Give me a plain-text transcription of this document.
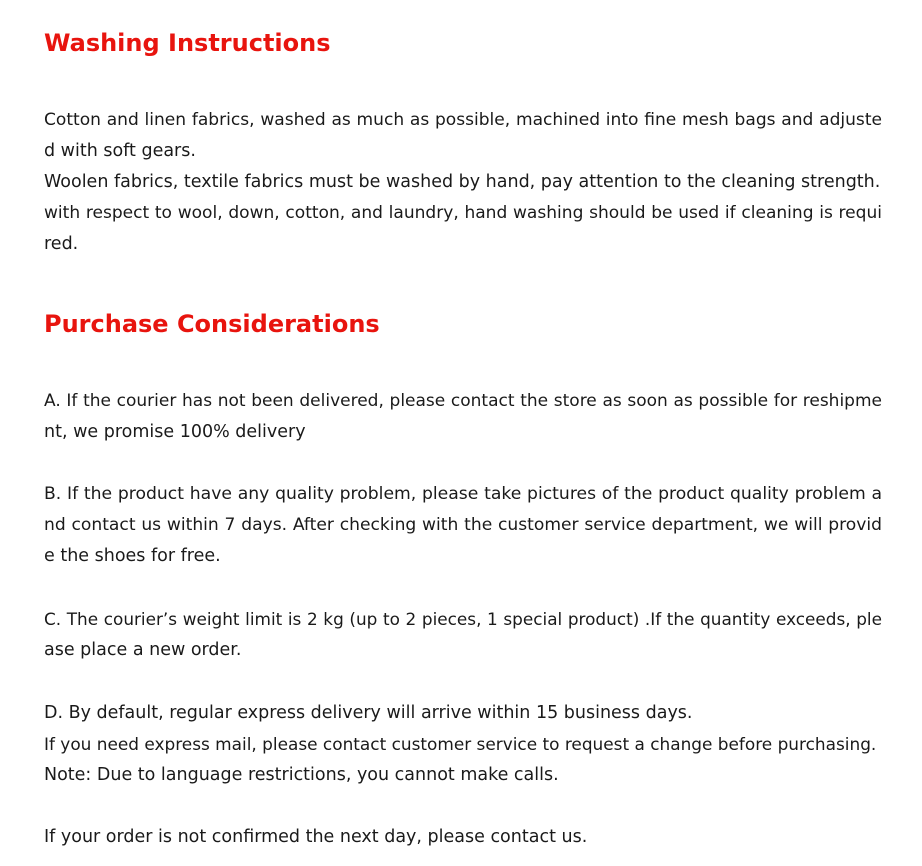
Washing Instructions
Cotton and linen fabrics, washed as much as possible, machined into fine mesh bags and adjuste
d with soft gears.
Woolen fabrics, textile fabrics must be washed by hand, pay attention to the cleaning strength.
with respect to wool, down, cotton, and laundry, hand washing should be used if cleaning is requi
red.
Purchase Considerations
A. If the courier has not been delivered, please contact the store as soon as possible for reshipme
nt, we promise 100% delivery
B. If the product have any quality problem, please take pictures of the product quality problem a
nd contact us within 7 days. After checking with the customer service department, we will provid
e the shoes for free.
C. The courier’s weight limit is 2 kg (up to 2 pieces, 1 special product) .If the quantity exceeds, ple
ase place a new order.
D. By default, regular express delivery will arrive within 15 business days.
If you need express mail, please contact customer service to request a change before purchasing.
Note: Due to language restrictions, you cannot make calls.
If your order is not confirmed the next day, please contact us.
